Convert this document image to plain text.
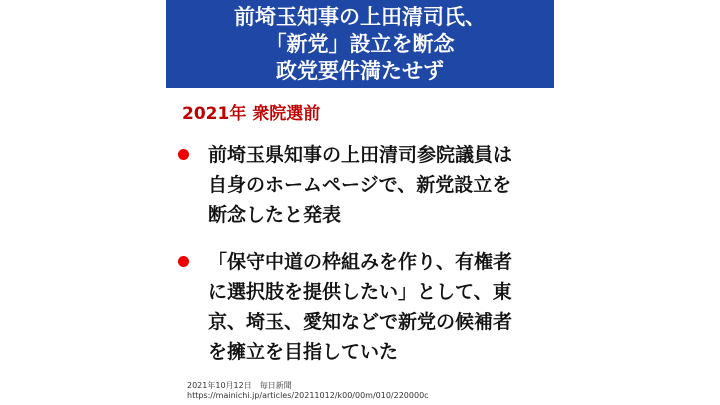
前埼玉知事の上田清司氏、
「新党」設立を断念
政党要件満たせず
2021年 衆院選前
前埼玉県知事の上田清司参院議員は
自身のホームページで、新党設立を
断念したと発表
「保守中道の枠組みを作り、有権者
に選択肢を提供したい」として、東
京、埼玉、愛知などで新党の候補者
を擁立を目指していた
2021年10月12日　毎日新聞
https://mainichi.jp/articles/20211012/k00/00m/010/220000c
